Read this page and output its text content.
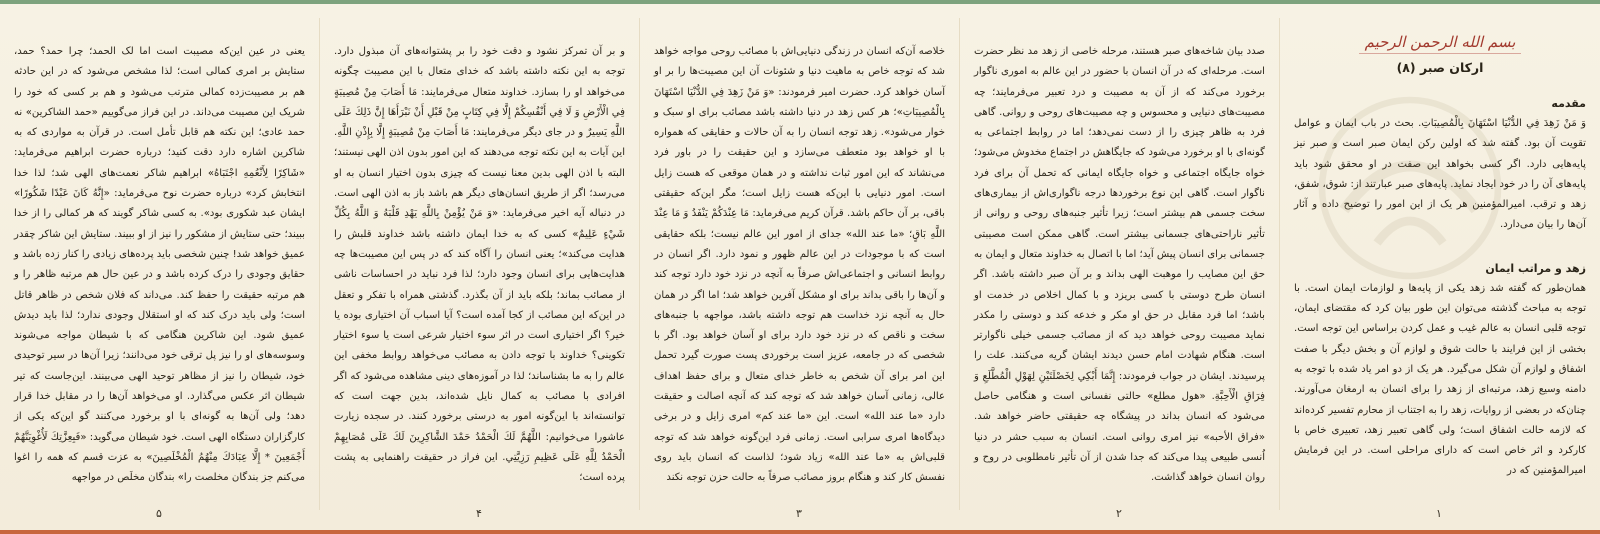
بسم الله الرحمن الرحيم
ارکان صبر (۸)
مقدمه

وَ مَنْ زَهِدَ فِي الدُّنْيَا اسْتَهَانَ بِالْمُصِيبَاتِ. بحث در باب ایمان و عوامل تقویت آن بود. گفته شد که اولین رکن ایمان صبر است و صبر نیز پایه‌هایی دارد. اگر کسی بخواهد این صفت در او محقق شود باید پایه‌های آن را در خود ایجاد نماید. پایه‌های صبر عبارتند از: شوق، شفق، زهد و ترقب. امیرالمؤمنین هر یک از این امور را توضیح داده و آثار آن‌ها را بیان می‌دارد.

زهد و مراتب ایمان

همان‌طور که گفته شد زهد یکی از پایه‌ها و لوازمات ایمان است. با توجه به مباحث گذشته می‌توان این طور بیان کرد که مقتضای ایمان، توجه قلبی انسان به عالم غیب و عمل کردن براساس این توجه است. بخشی از این فرایند با حالت شوق و لوازم آن و بخش دیگر با صفت اشفاق و لوازم آن شکل می‌گیرد. هر یک از دو امر یاد شده با توجه به دامنه وسیع زهد، مرتبه‌ای از زهد را برای انسان به ارمغان می‌آورند. چنان‌که در بعضی از روایات، زهد را به اجتناب از محارم تفسیر کرده‌اند که لازمه حالت اشفاق است؛ ولی گاهی تعبیر زهد، تعبیری خاص با کارکرد و اثر خاص است که دارای مراحلی است. در این فرمایش امیرالمؤمنین که در

صدد بیان شاخه‌های صبر هستند، مرحله خاصی از زهد مد نظر حضرت است. مرحله‌ای که در آن انسان با حضور در این عالم به اموری ناگوار برخورد می‌کند که از آن به مصیبت و درد تعبیر می‌فرمایند؛ چه مصیبت‌های دنیایی و محسوس و چه مصیبت‌های روحی و روانی. گاهی فرد به ظاهر چیزی را از دست نمی‌دهد؛ اما در روابط اجتماعی به گونه‌ای با او برخورد می‌شود که جایگاهش در اجتماع مخدوش می‌شود؛ خواه جایگاه اجتماعی و خواه جایگاه ایمانی که تحمل آن برای فرد ناگوار است. گاهی این نوع برخوردها درجه ناگواری‌اش از بیماری‌های سخت جسمی هم بیشتر است؛ زیرا تأثیر جنبه‌های روحی و روانی از تأثیر ناراحتی‌های جسمانی بیشتر است. گاهی ممکن است مصیبتی جسمانی برای انسان پیش آید؛ اما با اتصال به خداوند متعال و ایمان به حق این مصایب را موهبت الهی بداند و بر آن صبر داشته باشد. اگر انسان طرح دوستی با کسی بریزد و با کمال اخلاص در خدمت او باشد؛ اما فرد مقابل در حق او مکر و خدعه کند و دوستی را مکدر نماید مصیبت روحی خواهد دید که از مصائب جسمی خیلی ناگوارتر است. هنگام شهادت امام حسن دیدند ایشان گریه می‌کنند. علت را پرسیدند. ایشان در جواب فرمودند: إِنَّمَا أَبْكِي لِخَصْلَتَيْنِ لِهَوْلِ الْمُطَّلَعِ وَ فِرَاقِ الْأَحِبَّةِ. «هول مطلع» حالتی نفسانی است و هنگامی حاصل می‌شود که انسان بداند در پیشگاه چه حقیقتی حاضر خواهد شد. «فراق الأحبه» نیز امری روانی است. انسان به سبب حشر در دنیا اُنسی طبیعی پیدا می‌کند که جدا شدن از آن تأثیر نامطلوبی در روح و روان انسان خواهد گذاشت.

خلاصه آن‌که انسان در زندگی دنیایی‌اش با مصائب روحی مواجه خواهد شد که توجه خاص به ماهیت دنیا و شئونات آن این مصیبت‌ها را بر او آسان خواهد کرد. حضرت امیر فرمودند: «وَ مَنْ زَهِدَ فِي الدُّنْيَا اسْتَهَانَ بِالْمُصِيبَاتِ»؛ هر کس زهد در دنیا داشته باشد مصائب برای او سبک و خوار می‌شود». زهد توجه انسان را به آن حالات و حقایقی که همواره با او خواهد بود متعطف می‌سازد و این حقیقت را در باور فرد می‌نشاند که این امور ثبات نداشته و در همان موقعی که هست زایل است. امور دنیایی با این‌که هست زایل است؛ مگر این‌که حقیقتی باقی، بر آن حاکم باشد. قرآن کریم می‌فرماید: مَا عِنْدَكُمْ يَنْفَدُ وَ مَا عِنْدَ اللَّهِ بَاقٍ؛ «ما عند الله» جدای از امور این عالم نیست؛ بلکه حقایقی است که با موجودات در این عالم ظهور و نمود دارد. اگر انسان در روابط انسانی و اجتماعی‌اش صرفاً به آنچه در نزد خود دارد توجه کند و آن‌ها را باقی بداند برای او مشکل آفرین خواهد شد؛ اما اگر در همان حال به آنچه نزد خداست هم توجه داشته باشد، مواجهه با جنبه‌های سخت و ناقص که در نزد خود دارد برای او آسان خواهد بود. اگر با شخصی که در جامعه، عزیز است برخوردی پست صورت گیرد تحمل این امر برای آن شخص به خاطر خدای متعال و برای حفظ اهداف عالی، زمانی آسان خواهد شد که توجه کند که آنچه اصالت و حقیقت دارد «ما عند الله» است. این «ما عند کم» امری زایل و در برخی دیدگاه‌ها امری سرابی است. زمانی فرد این‌گونه خواهد شد که توجه قلبی‌اش به «ما عند الله» زیاد شود؛ لذاست که انسان باید روی نفسش کار کند و هنگام بروز مصائب صرفاً به حالت حزن توجه نکند

و بر آن تمرکز نشود و دقت خود را بر پشتوانه‌های آن مبذول دارد. توجه به این نکته داشته باشد که خدای متعال با این مصیبت چگونه می‌خواهد او را بسازد. خداوند متعال می‌فرمایند: مَا أَصَابَ مِنْ مُصِيبَةٍ فِي الْأَرْضِ وَ لَا فِي أَنْفُسِكُمْ إِلَّا فِي كِتَابٍ مِنْ قَبْلِ أَنْ نَبْرَأَهَا إِنَّ ذَلِكَ عَلَى اللَّهِ يَسِيرٌ و در جای دیگر می‌فرمایند: مَا أَصَابَ مِنْ مُصِيبَةٍ إِلَّا بِإِذْنِ اللَّهِ. این آیات به این نکته توجه می‌دهند که این امور بدون اذن الهی نیستند؛ البته با اذن الهی بدین معنا نیست که چیزی بدون اختیار انسان به او می‌رسد؛ اگر از طریق انسان‌های دیگر هم باشد باز به اذن الهی است. در دنباله آیه اخیر می‌فرماید: «وَ مَنْ يُؤْمِنْ بِاللَّهِ يَهْدِ قَلْبَهُ وَ اللَّهُ بِكُلِّ شَيْءٍ عَلِيمٌ» کسی که به خدا ایمان داشته باشد خداوند قلبش را هدایت می‌کند»؛ یعنی انسان را آگاه کند که در پس این مصیبت‌ها چه هدایت‌هایی برای انسان وجود دارد؛ لذا فرد نباید در احساسات ناشی از مصائب بماند؛ بلکه باید از آن بگذرد. گذشتی همراه با تفکر و تعقل در این‌که این مصائب از کجا آمده است؟ آیا اسباب آن اختیاری بوده یا خیر؟ اگر اختیاری است در اثر سوء اختیار شرعی است یا سوء اختیار تکوینی؟ خداوند با توجه دادن به مصائب می‌خواهد روابط مخفی این عالم را به ما بشناساند؛ لذا در آموزه‌های دینی مشاهده می‌شود که اگر افرادی با مصائب به کمال نایل شده‌اند، بدین جهت است که توانسته‌اند با این‌گونه امور به درستی برخورد کنند. در سجده زیارت عاشورا می‌خوانیم: اللَّهُمَّ لَكَ الْحَمْدُ حَمْدَ الشَّاكِرِينَ لَكَ عَلَى مُصَابِهِمْ الْحَمْدُ لِلَّهِ عَلَى عَظِيمِ رَزِيَّتِي. این فراز در حقیقت راهنمایی به پشت پرده است؛

یعنی در عین این‌که مصیبت است اما لک الحمد؛ چرا حمد؟ حمد، ستایش بر امری کمالی است؛ لذا مشخص می‌شود که در این حادثه هم بر مصیبت‌زده کمالی مترتب می‌شود و هم بر کسی که خود را شریک این مصیبت می‌داند. در این فراز می‌گوییم «حمد الشاکرین» نه حمد عادی؛ این نکته هم قابل تأمل است. در قرآن به مواردی که به شاکرین اشاره دارد دقت کنید؛ درباره حضرت ابراهیم می‌فرماید: «شَاكِرًا لِأَنْعُمِهِ اجْتَبَاهُ» ابراهیم شاکر نعمت‌های الهی شد؛ لذا خدا انتخابش کرد» درباره حضرت نوح می‌فرماید: «إِنَّهُ كَانَ عَبْدًا شَكُورًا» ایشان عبد شکوری بود». به کسی شاکر گویند که هر کمالی را از خدا ببیند؛ حتی ستایش از مشکور را نیز از او ببیند. ستایش این شاکر چقدر عمیق خواهد شد! چنین شخصی باید پرده‌های زیادی را کنار زده باشد و حقایق وجودی را درک کرده باشد و در عین حال هم مرتبه ظاهر را و هم مرتبه حقیقت را حفظ کند. می‌داند که فلان شخص در ظاهر قاتل است؛ ولی باید درک کند که او استقلال وجودی ندارد؛ لذا باید دیدش عمیق شود. این شاکرین هنگامی که با شیطان مواجه می‌شوند وسوسه‌های او را نیز پل ترقی خود می‌دانند؛ زیرا آن‌ها در سیر توحیدی خود، شیطان را نیز از مظاهر توحید الهی می‌بینند. این‌جاست که تیر شیطان اثر عکس می‌گذارد. او می‌خواهد آن‌ها را در مقابل خدا قرار دهد؛ ولی آن‌ها به گونه‌ای با او برخورد می‌کنند گو این‌که یکی از کارگزاران دستگاه الهی است. خود شیطان می‌گوید: «فَبِعِزَّتِكَ لَأُغْوِيَنَّهُمْ أَجْمَعِينَ * إِلَّا عِبَادَكَ مِنْهُمُ الْمُخْلَصِينَ» به عزت قسم که همه را اغوا می‌کنم جز بندگان مخلصت را» بندگان مخلَص در مواجهه

۱
۲
۳
۴
۵
